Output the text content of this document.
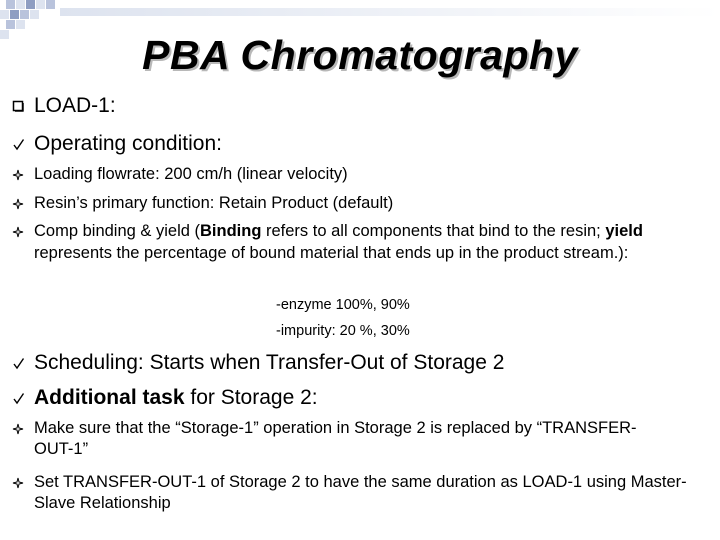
PBA Chromatography
LOAD-1:
Operating condition:
Loading flowrate: 200 cm/h (linear velocity)
Resin’s primary function: Retain Product (default)
Comp binding & yield (Binding refers to all components that bind to the resin; yield represents the percentage of bound material that ends up in the product stream.):
-enzyme 100%, 90%
-impurity: 20 %, 30%
Scheduling: Starts when Transfer-Out of Storage 2
Additional task for Storage 2:
Make sure that the “Storage-1” operation in Storage 2 is replaced by “TRANSFER-OUT-1”
Set TRANSFER-OUT-1 of Storage 2 to have the same duration as LOAD-1 using Master-Slave Relationship
